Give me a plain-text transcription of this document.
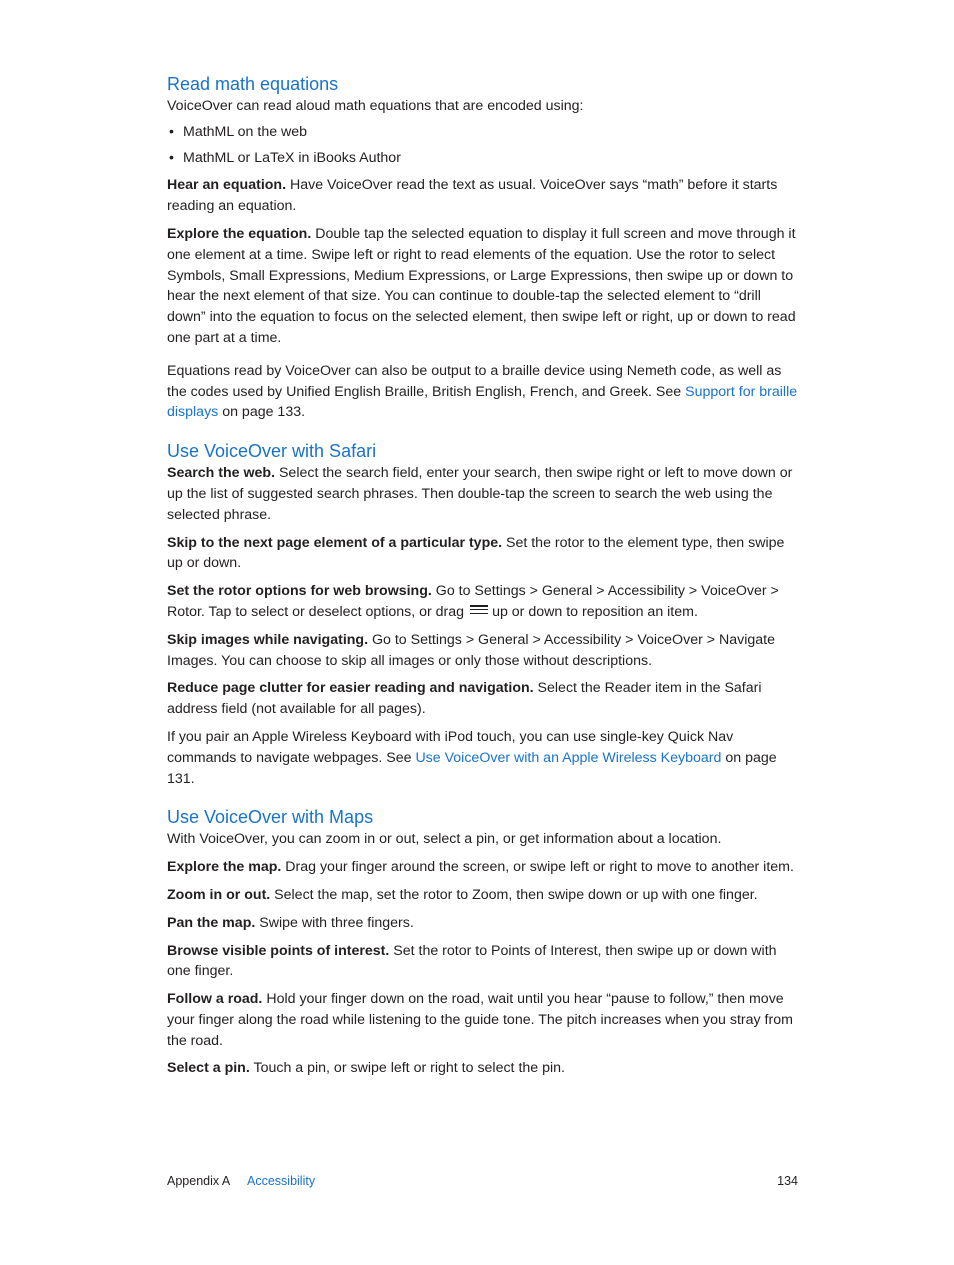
Read math equations

VoiceOver can read aloud math equations that are encoded using:

• MathML on the web
• MathML or LaTeX in iBooks Author

Hear an equation. Have VoiceOver read the text as usual. VoiceOver says “math” before it starts reading an equation.

Explore the equation. Double tap the selected equation to display it full screen and move through it one element at a time. Swipe left or right to read elements of the equation. Use the rotor to select Symbols, Small Expressions, Medium Expressions, or Large Expressions, then swipe up or down to hear the next element of that size. You can continue to double-tap the selected element to “drill down” into the equation to focus on the selected element, then swipe left or right, up or down to read one part at a time.

Equations read by VoiceOver can also be output to a braille device using Nemeth code, as well as the codes used by Unified English Braille, British English, French, and Greek. See Support for braille displays on page 133.

Use VoiceOver with Safari

Search the web. Select the search field, enter your search, then swipe right or left to move down or up the list of suggested search phrases. Then double-tap the screen to search the web using the selected phrase.

Skip to the next page element of a particular type. Set the rotor to the element type, then swipe up or down.

Set the rotor options for web browsing. Go to Settings > General > Accessibility > VoiceOver > Rotor. Tap to select or deselect options, or drag up or down to reposition an item.

Skip images while navigating. Go to Settings > General > Accessibility > VoiceOver > Navigate Images. You can choose to skip all images or only those without descriptions.

Reduce page clutter for easier reading and navigation. Select the Reader item in the Safari address field (not available for all pages).

If you pair an Apple Wireless Keyboard with iPod touch, you can use single-key Quick Nav commands to navigate webpages. See Use VoiceOver with an Apple Wireless Keyboard on page 131.

Use VoiceOver with Maps

With VoiceOver, you can zoom in or out, select a pin, or get information about a location.

Explore the map. Drag your finger around the screen, or swipe left or right to move to another item.

Zoom in or out. Select the map, set the rotor to Zoom, then swipe down or up with one finger.

Pan the map. Swipe with three fingers.

Browse visible points of interest. Set the rotor to Points of Interest, then swipe up or down with one finger.

Follow a road. Hold your finger down on the road, wait until you hear “pause to follow,” then move your finger along the road while listening to the guide tone. The pitch increases when you stray from the road.

Select a pin. Touch a pin, or swipe left or right to select the pin.

Appendix A Accessibility	134
